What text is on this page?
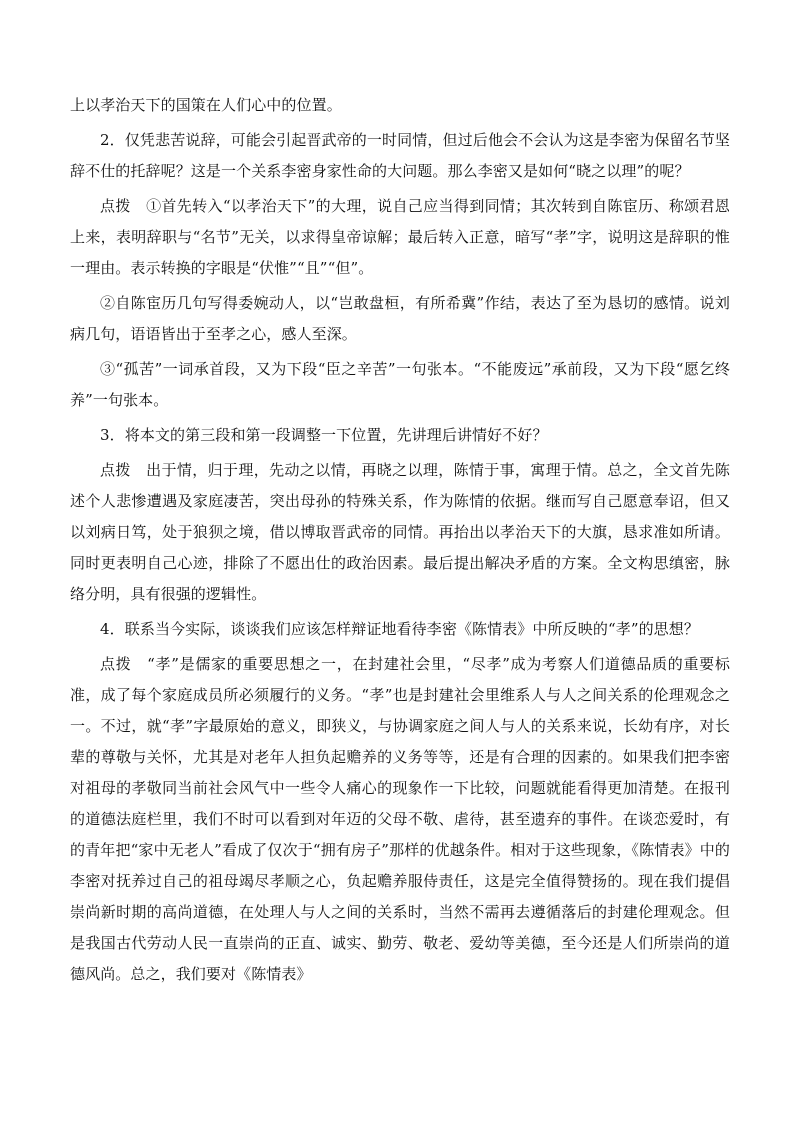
上以孝治天下的国策在人们心中的位置。

2．仅凭悲苦说辞，可能会引起晋武帝的一时同情，但过后他会不会认为这是李密为保留名节坚辞不仕的托辞呢？这是一个关系李密身家性命的大问题。那么李密又是如何“晓之以理”的呢？

点拨　①首先转入“以孝治天下”的大理，说自己应当得到同情；其次转到自陈宦历、称颂君恩上来，表明辞职与“名节”无关，以求得皇帝谅解；最后转入正意，暗写“孝”字，说明这是辞职的惟一理由。表示转换的字眼是“伏惟”“且”“但”。

②自陈宦历几句写得委婉动人，以“岂敢盘桓，有所希冀”作结，表达了至为恳切的感情。说刘病几句，语语皆出于至孝之心，感人至深。

③“孤苦”一词承首段，又为下段“臣之辛苦”一句张本。“不能废远”承前段，又为下段“愿乞终养”一句张本。

3．将本文的第三段和第一段调整一下位置，先讲理后讲情好不好？

点拨　出于情，归于理，先动之以情，再晓之以理，陈情于事，寓理于情。总之，全文首先陈述个人悲惨遭遇及家庭凄苦，突出母孙的特殊关系，作为陈情的依据。继而写自己愿意奉诏，但又以刘病日笃，处于狼狈之境，借以博取晋武帝的同情。再抬出以孝治天下的大旗，恳求准如所请。同时更表明自己心迹，排除了不愿出仕的政治因素。最后提出解决矛盾的方案。全文构思缜密，脉络分明，具有很强的逻辑性。

4．联系当今实际，谈谈我们应该怎样辩证地看待李密《陈情表》中所反映的“孝”的思想？

点拨　“孝”是儒家的重要思想之一，在封建社会里，“尽孝”成为考察人们道德品质的重要标准，成了每个家庭成员所必须履行的义务。“孝”也是封建社会里维系人与人之间关系的伦理观念之一。不过，就“孝”字最原始的意义，即狭义，与协调家庭之间人与人的关系来说，长幼有序，对长辈的尊敬与关怀，尤其是对老年人担负起赡养的义务等等，还是有合理的因素的。如果我们把李密对祖母的孝敬同当前社会风气中一些令人痛心的现象作一下比较，问题就能看得更加清楚。在报刊的道德法庭栏里，我们不时可以看到对年迈的父母不敬、虐待，甚至遗弃的事件。在谈恋爱时，有的青年把“家中无老人”看成了仅次于“拥有房子”那样的优越条件。相对于这些现象，《陈情表》中的李密对抚养过自己的祖母竭尽孝顺之心，负起赡养服侍责任，这是完全值得赞扬的。现在我们提倡崇尚新时期的高尚道德，在处理人与人之间的关系时，当然不需再去遵循落后的封建伦理观念。但是我国古代劳动人民一直崇尚的正直、诚实、勤劳、敬老、爱幼等美德，至今还是人们所崇尚的道德风尚。总之，我们要对《陈情表》
